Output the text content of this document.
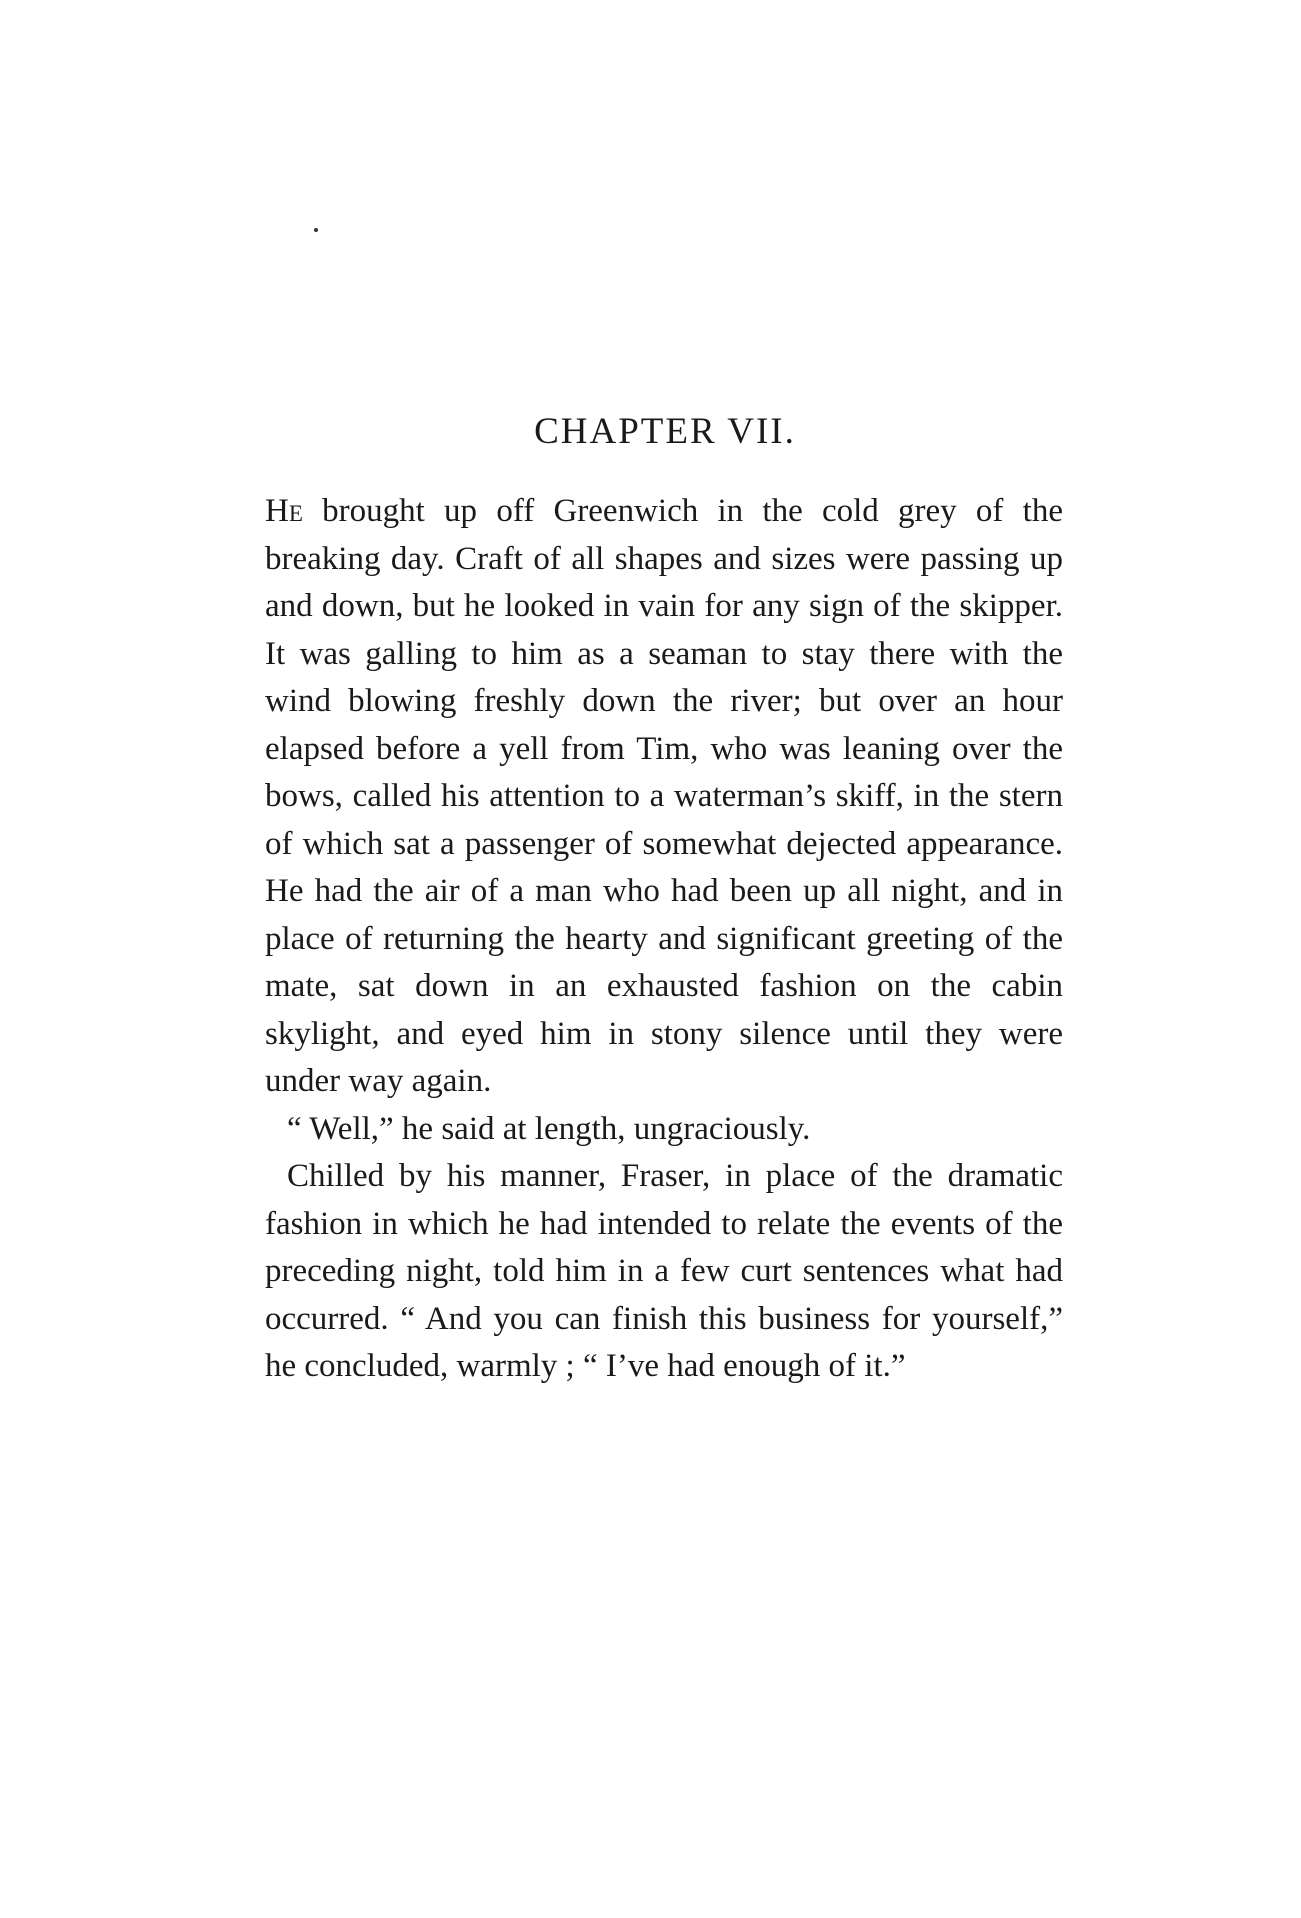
CHAPTER VII.

He brought up off Greenwich in the cold grey of the breaking day. Craft of all shapes and sizes were passing up and down, but he looked in vain for any sign of the skipper. It was galling to him as a seaman to stay there with the wind blowing freshly down the river; but over an hour elapsed before a yell from Tim, who was leaning over the bows, called his attention to a waterman’s skiff, in the stern of which sat a passenger of somewhat dejected appearance. He had the air of a man who had been up all night, and in place of returning the hearty and significant greeting of the mate, sat down in an exhausted fashion on the cabin skylight, and eyed him in stony silence until they were under way again.

“ Well,” he said at length, ungraciously.

Chilled by his manner, Fraser, in place of the dramatic fashion in which he had intended to relate the events of the preceding night, told him in a few curt sentences what had occurred. “ And you can finish this business for yourself,” he concluded, warmly ; “ I’ve had enough of it.”
